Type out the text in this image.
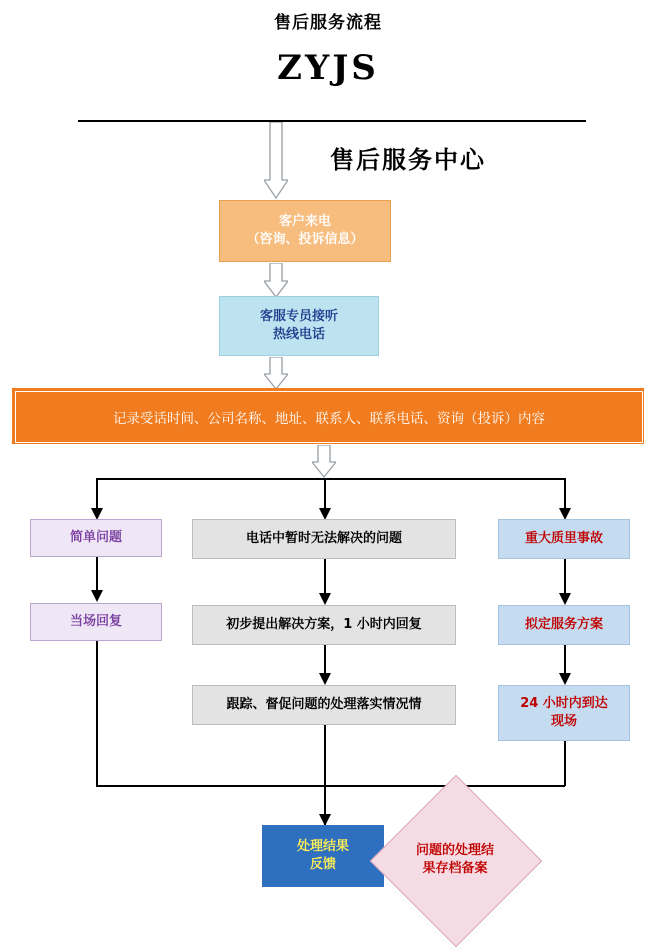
售后服务流程
ZYJS
售后服务中心
客户来电
（咨询、投诉信息）
客服专员接听
热线电话
记录受话时间、公司名称、地址、联系人、联系电话、资询（投诉）内容
简单问题
当场回复
电话中暂时无法解决的问题
初步提出解决方案，1 小时内回复
跟踪、督促问题的处理落实情况情
重大质里事故
拟定服务方案
24 小时内到达
现场
处理结果
反馈
问题的处理结
果存档备案
